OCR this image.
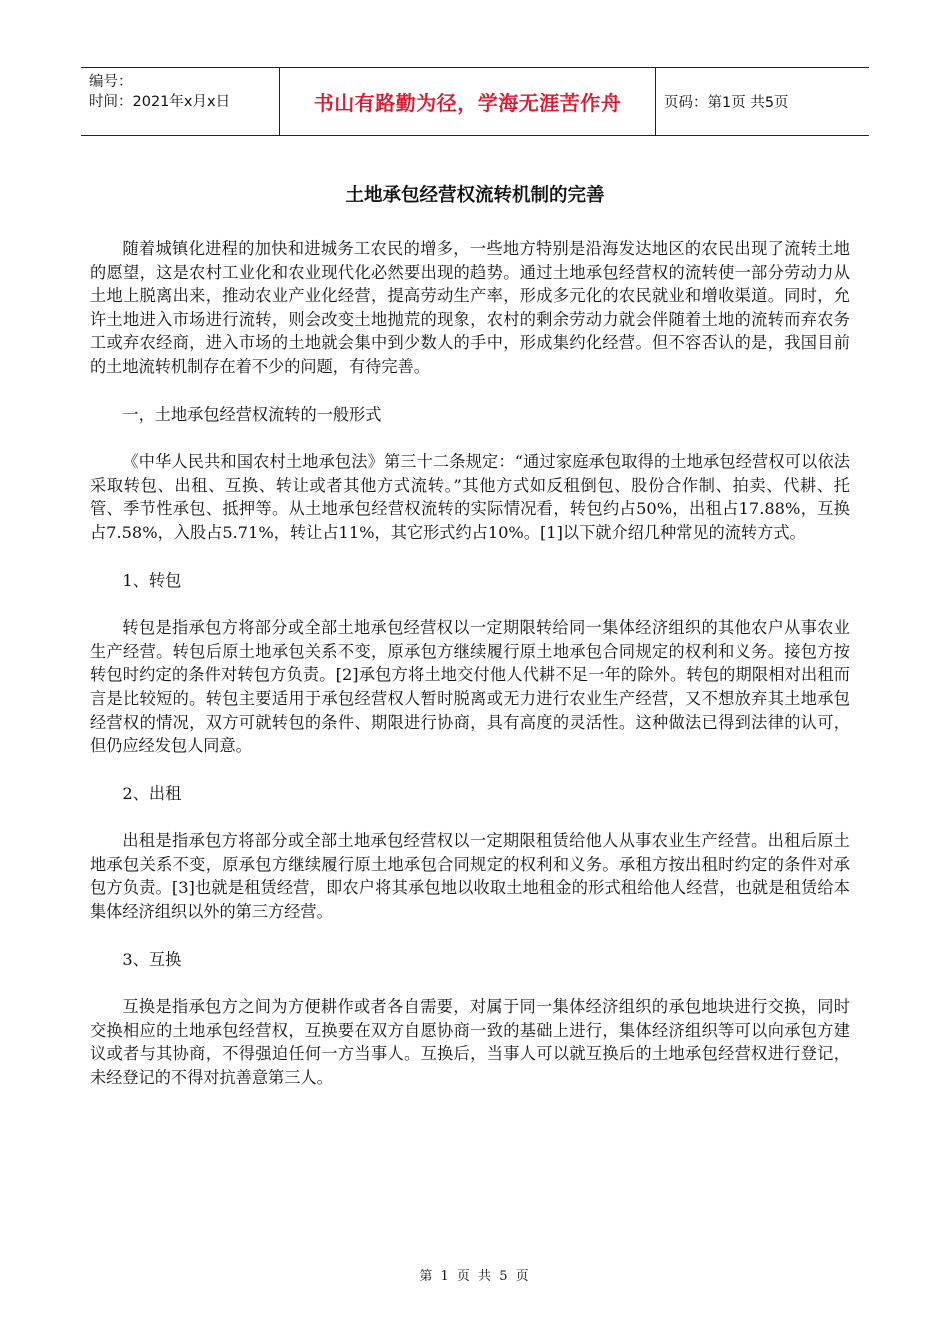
编号：
时间：2021年x月x日	书山有路勤为径，学海无涯苦作舟	页码：第1页 共5页
土地承包经营权流转机制的完善

随着城镇化进程的加快和进城务工农民的增多，一些地方特别是沿海发达地区的农民出现了流转土地的愿望，这是农村工业化和农业现代化必然要出现的趋势。通过土地承包经营权的流转使一部分劳动力从土地上脱离出来，推动农业产业化经营，提高劳动生产率，形成多元化的农民就业和增收渠道。同时，允许土地进入市场进行流转，则会改变土地抛荒的现象，农村的剩余劳动力就会伴随着土地的流转而弃农务工或弃农经商，进入市场的土地就会集中到少数人的手中，形成集约化经营。但不容否认的是，我国目前的土地流转机制存在着不少的问题，有待完善。

一，土地承包经营权流转的一般形式

《中华人民共和国农村土地承包法》第三十二条规定：“通过家庭承包取得的土地承包经营权可以依法采取转包、出租、互换、转让或者其他方式流转。”其他方式如反租倒包、股份合作制、拍卖、代耕、托管、季节性承包、抵押等。从土地承包经营权流转的实际情况看，转包约占50%，出租占17.88%，互换占7.58%，入股占5.71%，转让占11%，其它形式约占10%。[1]以下就介绍几种常见的流转方式。

1、转包

转包是指承包方将部分或全部土地承包经营权以一定期限转给同一集体经济组织的其他农户从事农业生产经营。转包后原土地承包关系不变，原承包方继续履行原土地承包合同规定的权利和义务。接包方按转包时约定的条件对转包方负责。[2]承包方将土地交付他人代耕不足一年的除外。转包的期限相对出租而言是比较短的。转包主要适用于承包经营权人暂时脱离或无力进行农业生产经营，又不想放弃其土地承包经营权的情况，双方可就转包的条件、期限进行协商，具有高度的灵活性。这种做法已得到法律的认可，但仍应经发包人同意。

2、出租

出租是指承包方将部分或全部土地承包经营权以一定期限租赁给他人从事农业生产经营。出租后原土地承包关系不变，原承包方继续履行原土地承包合同规定的权利和义务。承租方按出租时约定的条件对承包方负责。[3]也就是租赁经营，即农户将其承包地以收取土地租金的形式租给他人经营，也就是租赁给本集体经济组织以外的第三方经营。

3、互换

互换是指承包方之间为方便耕作或者各自需要，对属于同一集体经济组织的承包地块进行交换，同时交换相应的土地承包经营权，互换要在双方自愿协商一致的基础上进行，集体经济组织等可以向承包方建议或者与其协商，不得强迫任何一方当事人。互换后，当事人可以就互换后的土地承包经营权进行登记，未经登记的不得对抗善意第三人。

第 1 页 共 5 页
